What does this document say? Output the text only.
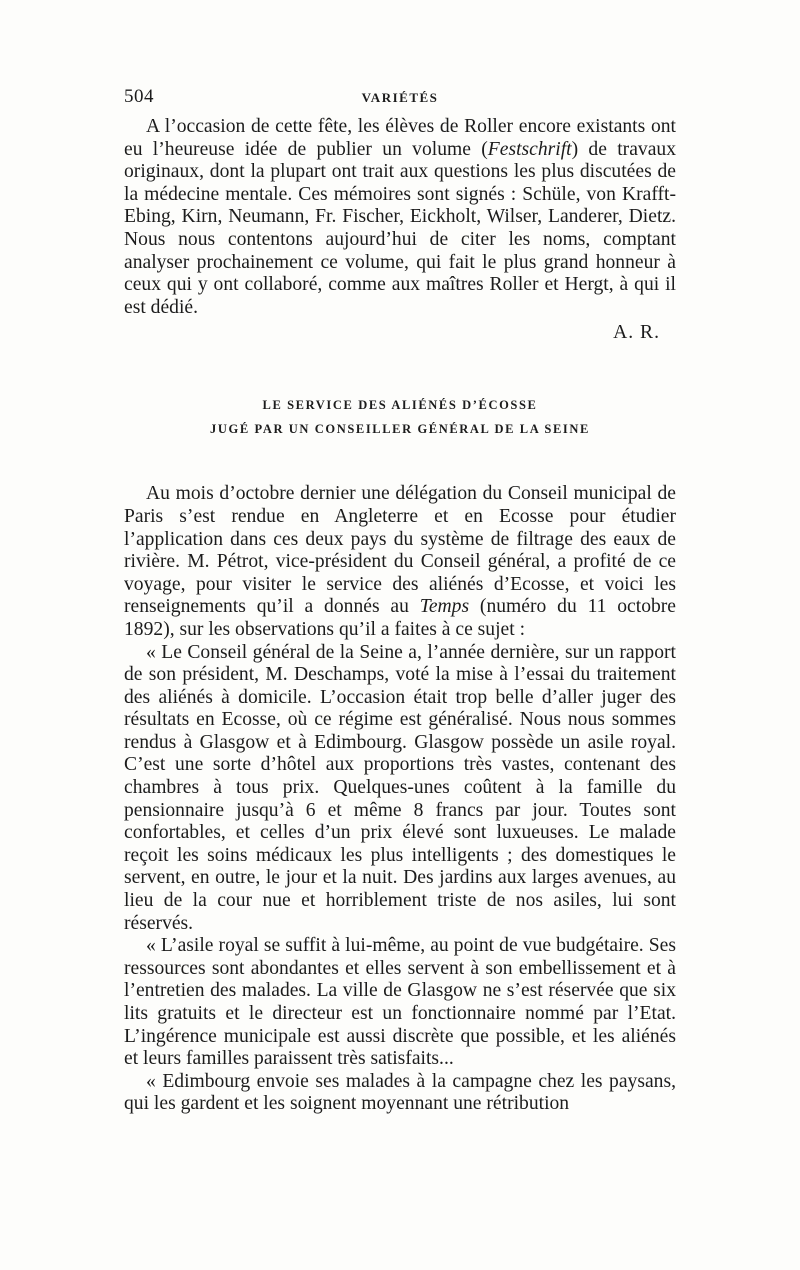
504	VARIÉTÉS

A l’occasion de cette fête, les élèves de Roller encore existants ont eu l’heureuse idée de publier un volume (Festschrift) de travaux originaux, dont la plupart ont trait aux questions les plus discutées de la médecine mentale. Ces mémoires sont signés : Schüle, von Krafft-Ebing, Kirn, Neumann, Fr. Fischer, Eickholt, Wilser, Landerer, Dietz. Nous nous contentons aujourd’hui de citer les noms, comptant analyser prochainement ce volume, qui fait le plus grand honneur à ceux qui y ont collaboré, comme aux maîtres Roller et Hergt, à qui il est dédié.

A. R.
LE SERVICE DES ALIÉNÉS D’ÉCOSSE
JUGÉ PAR UN CONSEILLER GÉNÉRAL DE LA SEINE

Au mois d’octobre dernier une délégation du Conseil municipal de Paris s’est rendue en Angleterre et en Ecosse pour étudier l’application dans ces deux pays du système de filtrage des eaux de rivière. M. Pétrot, vice-président du Conseil général, a profité de ce voyage, pour visiter le service des aliénés d’Ecosse, et voici les renseignements qu’il a donnés au Temps (numéro du 11 octobre 1892), sur les observations qu’il a faites à ce sujet :

« Le Conseil général de la Seine a, l’année dernière, sur un rapport de son président, M. Deschamps, voté la mise à l’essai du traitement des aliénés à domicile. L’occasion était trop belle d’aller juger des résultats en Ecosse, où ce régime est généralisé. Nous nous sommes rendus à Glasgow et à Edimbourg. Glasgow possède un asile royal. C’est une sorte d’hôtel aux proportions très vastes, contenant des chambres à tous prix. Quelques-unes coûtent à la famille du pensionnaire jusqu’à 6 et même 8 francs par jour. Toutes sont confortables, et celles d’un prix élevé sont luxueuses. Le malade reçoit les soins médicaux les plus intelligents ; des domestiques le servent, en outre, le jour et la nuit. Des jardins aux larges avenues, au lieu de la cour nue et horriblement triste de nos asiles, lui sont réservés.

« L’asile royal se suffit à lui-même, au point de vue budgétaire. Ses ressources sont abondantes et elles servent à son embellissement et à l’entretien des malades. La ville de Glasgow ne s’est réservée que six lits gratuits et le directeur est un fonctionnaire nommé par l’Etat. L’ingérence municipale est aussi discrète que possible, et les aliénés et leurs familles paraissent très satisfaits...

« Edimbourg envoie ses malades à la campagne chez les paysans, qui les gardent et les soignent moyennant une rétribution
